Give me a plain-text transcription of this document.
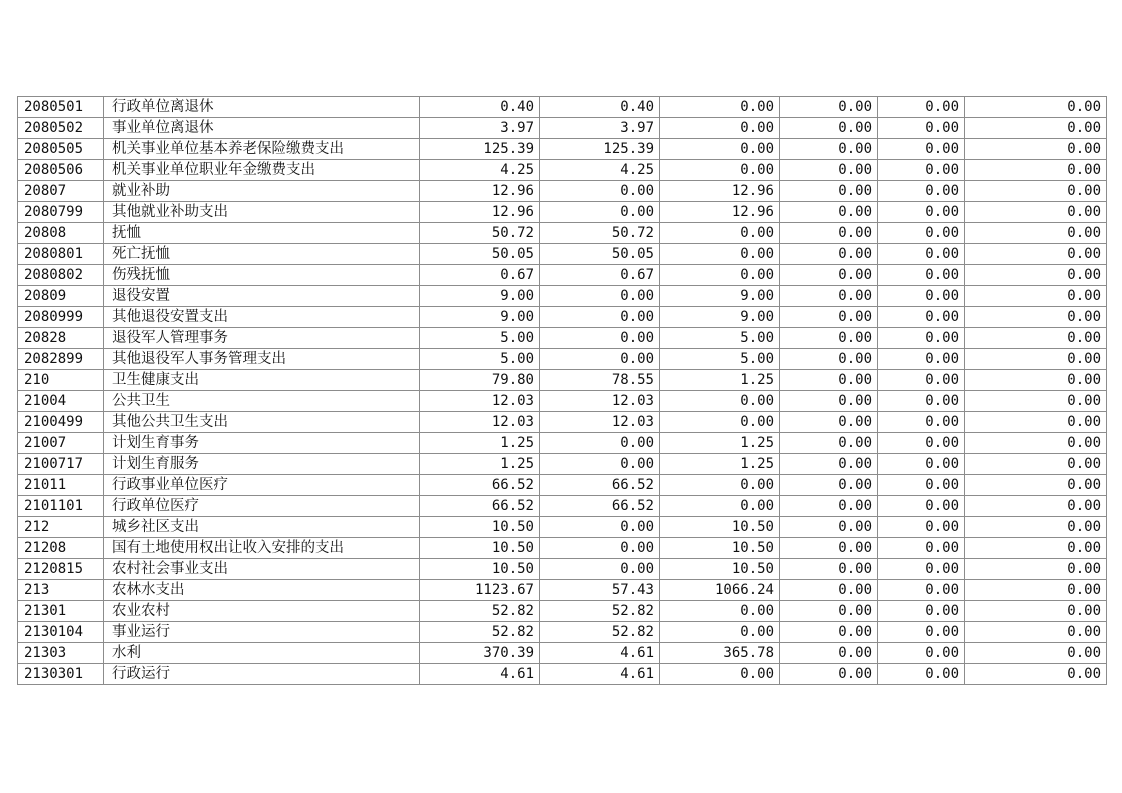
2080501	行政单位离退休	0.40	0.40	0.00	0.00	0.00	0.00
2080502	事业单位离退休	3.97	3.97	0.00	0.00	0.00	0.00
2080505	机关事业单位基本养老保险缴费支出	125.39	125.39	0.00	0.00	0.00	0.00
2080506	机关事业单位职业年金缴费支出	4.25	4.25	0.00	0.00	0.00	0.00
20807	就业补助	12.96	0.00	12.96	0.00	0.00	0.00
2080799	其他就业补助支出	12.96	0.00	12.96	0.00	0.00	0.00
20808	抚恤	50.72	50.72	0.00	0.00	0.00	0.00
2080801	死亡抚恤	50.05	50.05	0.00	0.00	0.00	0.00
2080802	伤残抚恤	0.67	0.67	0.00	0.00	0.00	0.00
20809	退役安置	9.00	0.00	9.00	0.00	0.00	0.00
2080999	其他退役安置支出	9.00	0.00	9.00	0.00	0.00	0.00
20828	退役军人管理事务	5.00	0.00	5.00	0.00	0.00	0.00
2082899	其他退役军人事务管理支出	5.00	0.00	5.00	0.00	0.00	0.00
210	卫生健康支出	79.80	78.55	1.25	0.00	0.00	0.00
21004	公共卫生	12.03	12.03	0.00	0.00	0.00	0.00
2100499	其他公共卫生支出	12.03	12.03	0.00	0.00	0.00	0.00
21007	计划生育事务	1.25	0.00	1.25	0.00	0.00	0.00
2100717	计划生育服务	1.25	0.00	1.25	0.00	0.00	0.00
21011	行政事业单位医疗	66.52	66.52	0.00	0.00	0.00	0.00
2101101	行政单位医疗	66.52	66.52	0.00	0.00	0.00	0.00
212	城乡社区支出	10.50	0.00	10.50	0.00	0.00	0.00
21208	国有土地使用权出让收入安排的支出	10.50	0.00	10.50	0.00	0.00	0.00
2120815	农村社会事业支出	10.50	0.00	10.50	0.00	0.00	0.00
213	农林水支出	1123.67	57.43	1066.24	0.00	0.00	0.00
21301	农业农村	52.82	52.82	0.00	0.00	0.00	0.00
2130104	事业运行	52.82	52.82	0.00	0.00	0.00	0.00
21303	水利	370.39	4.61	365.78	0.00	0.00	0.00
2130301	行政运行	4.61	4.61	0.00	0.00	0.00	0.00
